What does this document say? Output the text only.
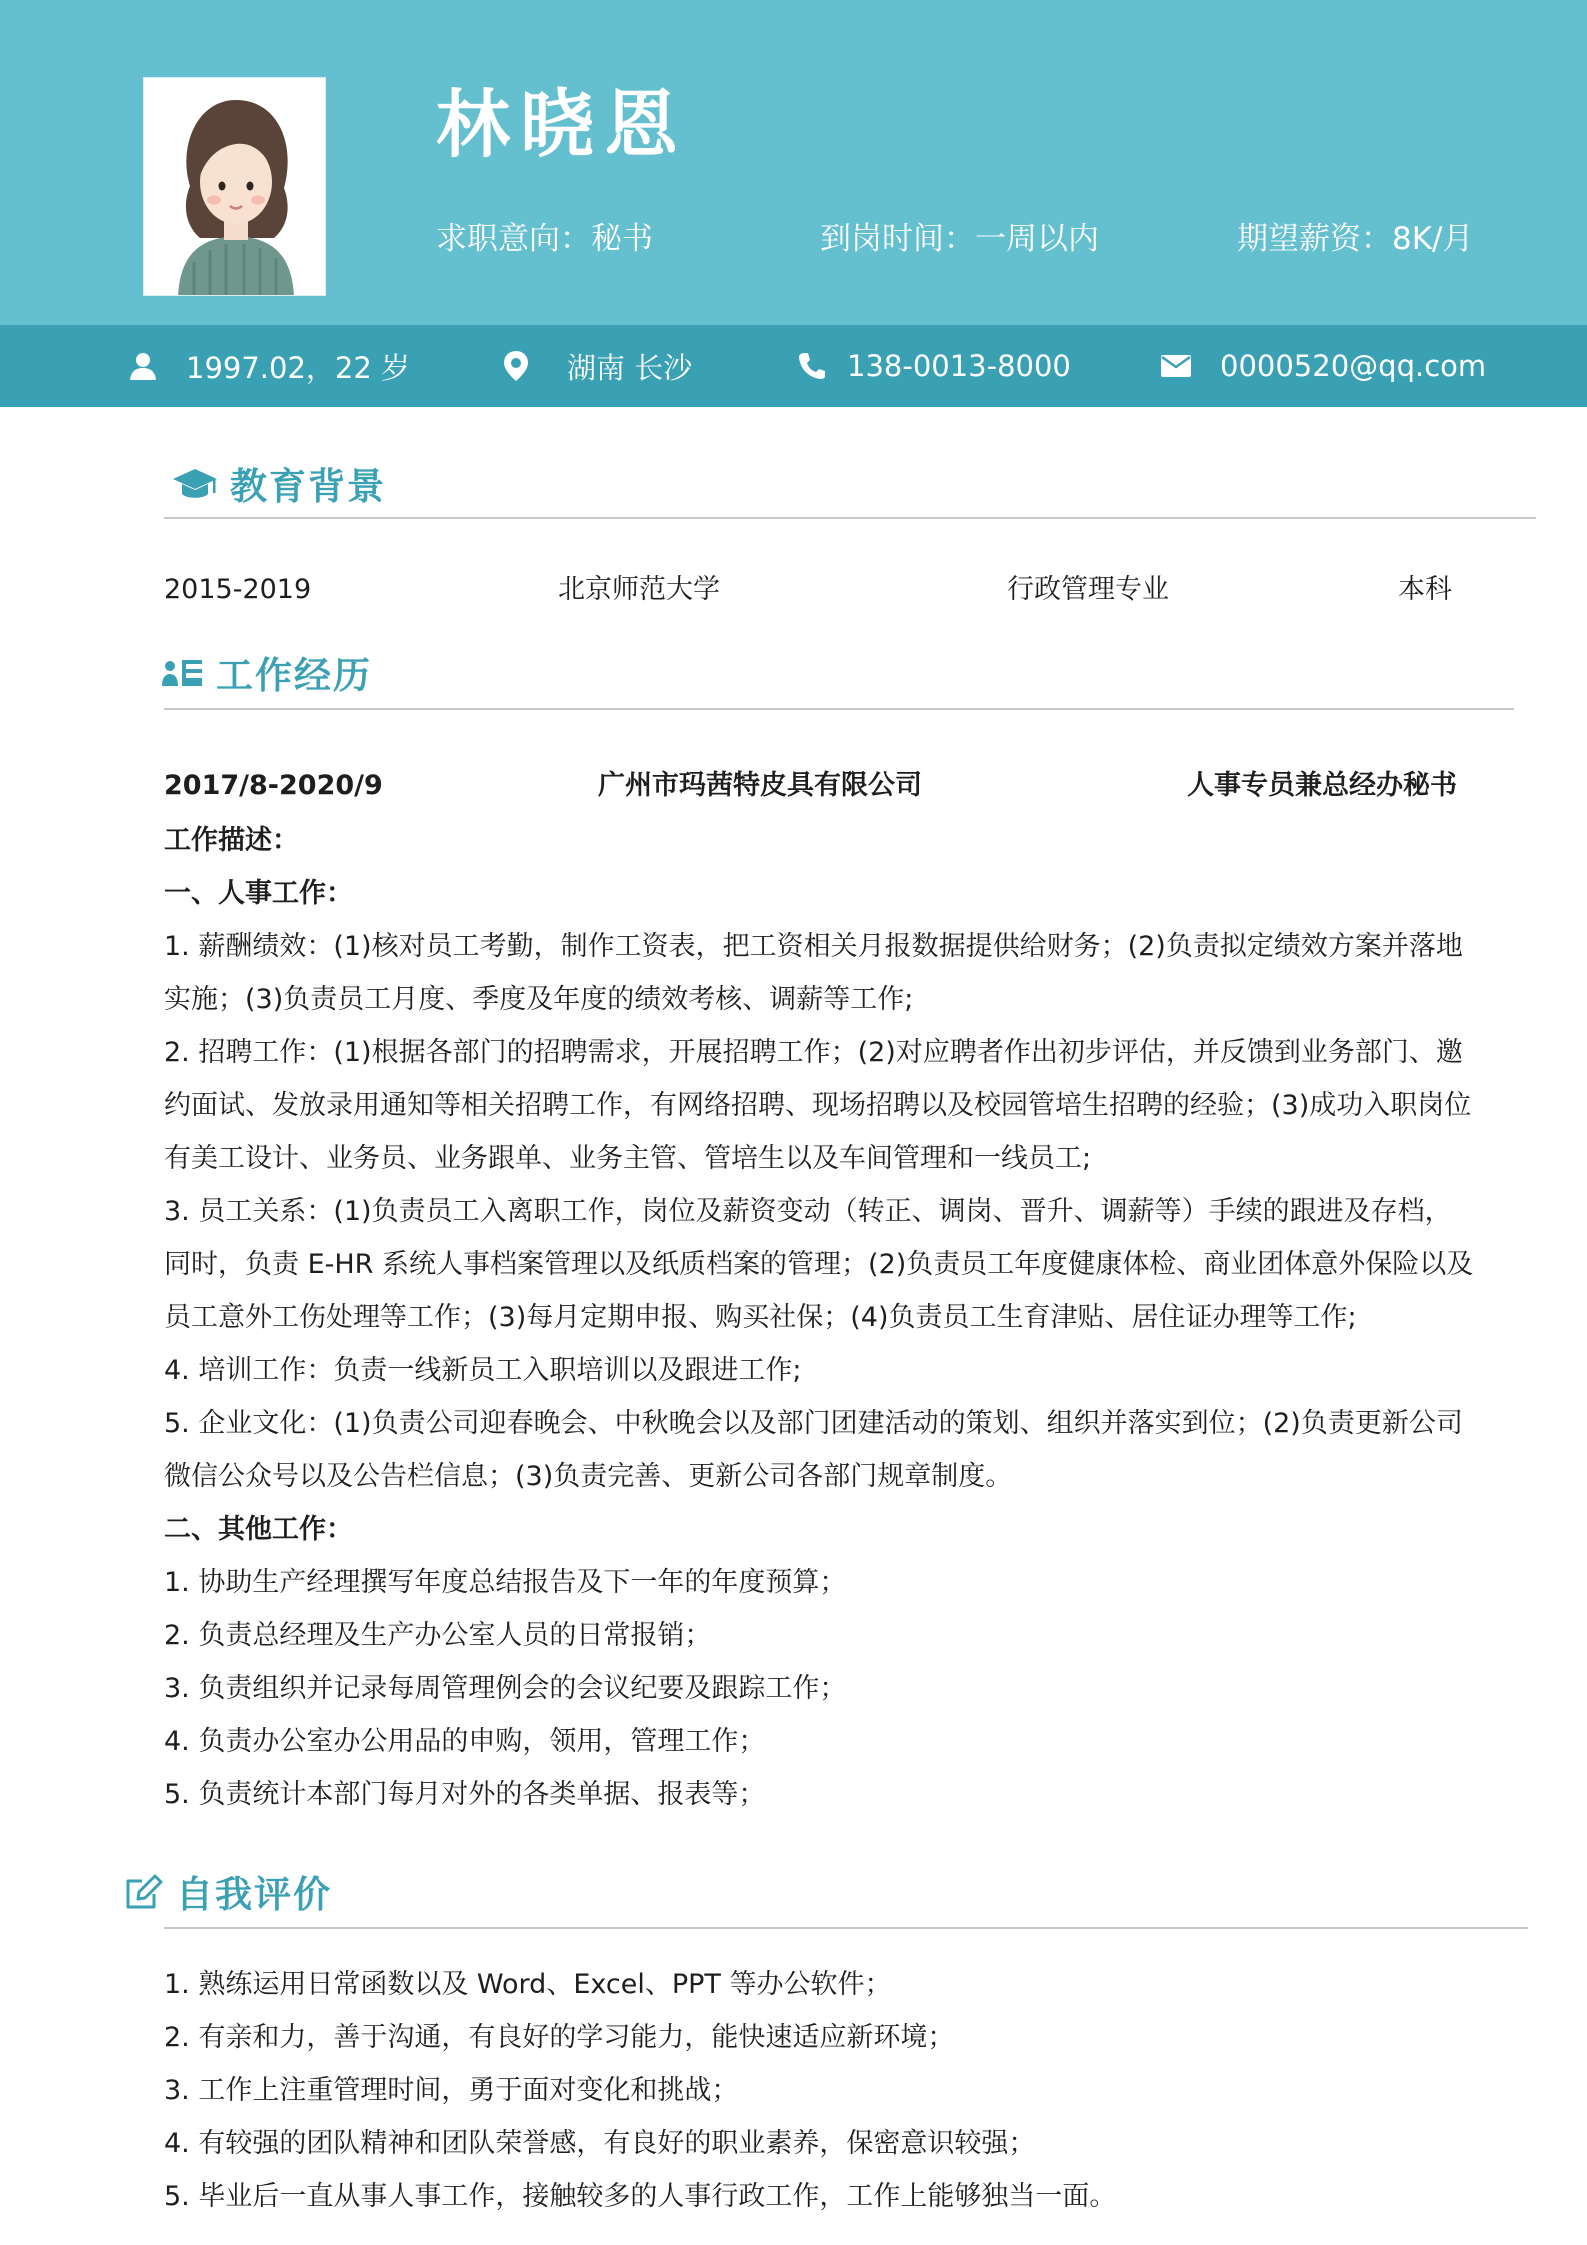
林晓恩
求职意向：秘书	到岗时间：一周以内	期望薪资：8K/月
1997.02，22 岁	湖南 长沙	138-0013-8000	0000520@qq.com
教育背景
2015-2019	北京师范大学	行政管理专业	本科
工作经历
2017/8-2020/9	广州市玛茜特皮具有限公司	人事专员兼总经办秘书
工作描述：
一、人事工作：
1. 薪酬绩效：(1)核对员工考勤，制作工资表，把工资相关月报数据提供给财务；(2)负责拟定绩效方案并落地
实施；(3)负责员工月度、季度及年度的绩效考核、调薪等工作;
2. 招聘工作：(1)根据各部门的招聘需求，开展招聘工作；(2)对应聘者作出初步评估，并反馈到业务部门、邀
约面试、发放录用通知等相关招聘工作，有网络招聘、现场招聘以及校园管培生招聘的经验；(3)成功入职岗位
有美工设计、业务员、业务跟单、业务主管、管培生以及车间管理和一线员工;
3. 员工关系：(1)负责员工入离职工作，岗位及薪资变动（转正、调岗、晋升、调薪等）手续的跟进及存档，
同时，负责 E-HR 系统人事档案管理以及纸质档案的管理；(2)负责员工年度健康体检、商业团体意外保险以及
员工意外工伤处理等工作；(3)每月定期申报、购买社保；(4)负责员工生育津贴、居住证办理等工作;
4. 培训工作：负责一线新员工入职培训以及跟进工作;
5. 企业文化：(1)负责公司迎春晚会、中秋晚会以及部门团建活动的策划、组织并落实到位；(2)负责更新公司
微信公众号以及公告栏信息；(3)负责完善、更新公司各部门规章制度。
二、其他工作：
1. 协助生产经理撰写年度总结报告及下一年的年度预算；
2. 负责总经理及生产办公室人员的日常报销；
3. 负责组织并记录每周管理例会的会议纪要及跟踪工作；
4. 负责办公室办公用品的申购，领用，管理工作；
5. 负责统计本部门每月对外的各类单据、报表等；
自我评价
1. 熟练运用日常函数以及 Word、Excel、PPT 等办公软件；
2. 有亲和力，善于沟通，有良好的学习能力，能快速适应新环境；
3. 工作上注重管理时间，勇于面对变化和挑战；
4. 有较强的团队精神和团队荣誉感，有良好的职业素养，保密意识较强；
5. 毕业后一直从事人事工作，接触较多的人事行政工作，工作上能够独当一面。
